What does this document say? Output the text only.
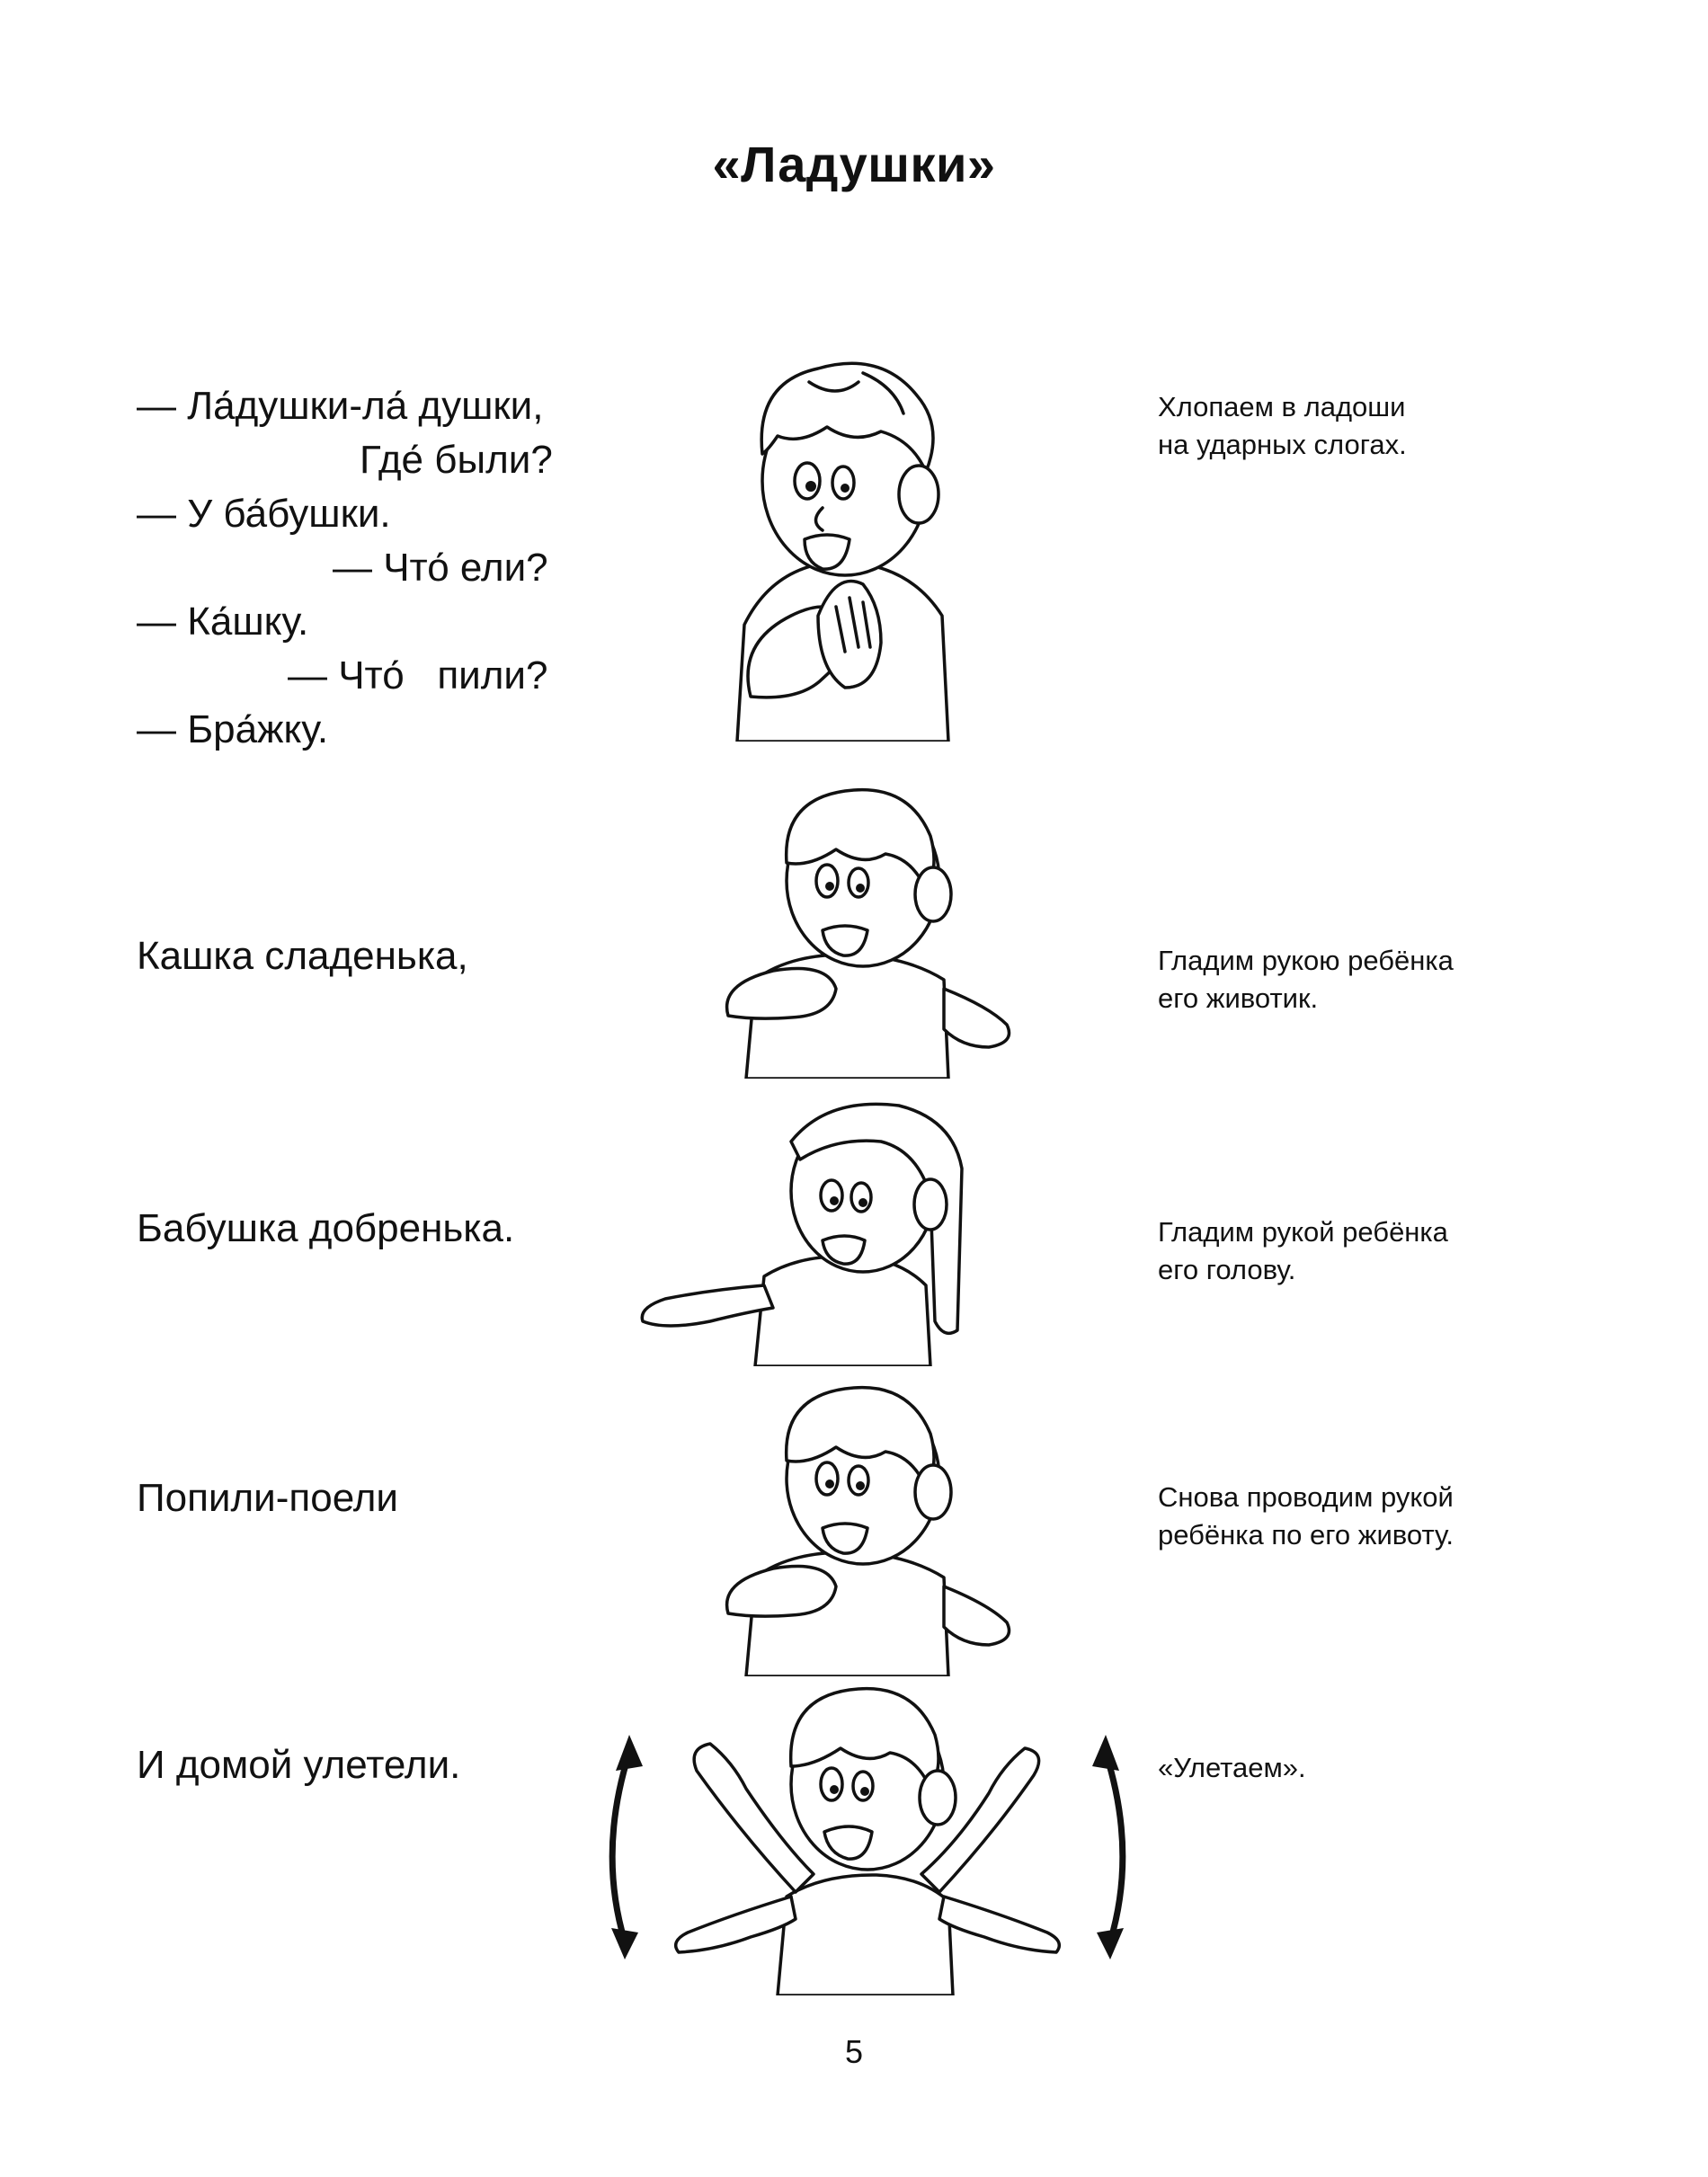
«Ладушки»

— Ла́душки-ла́ душки,

Где́ были?

— У ба́бушки.

— Что́ ели?

— Ка́шку.

— Что́   пили?

— Бра́жку.

Хлопаем в ладоши
на ударных слогах.
Кашка сладенька,	Гладим рукою ребёнка
его животик.
Бабушка добренька.	Гладим рукой ребёнка
его голову.
Попили-поели	Снова проводим рукой
ребёнка по его животу.
И домой улетели.	«Улетаем».
5
